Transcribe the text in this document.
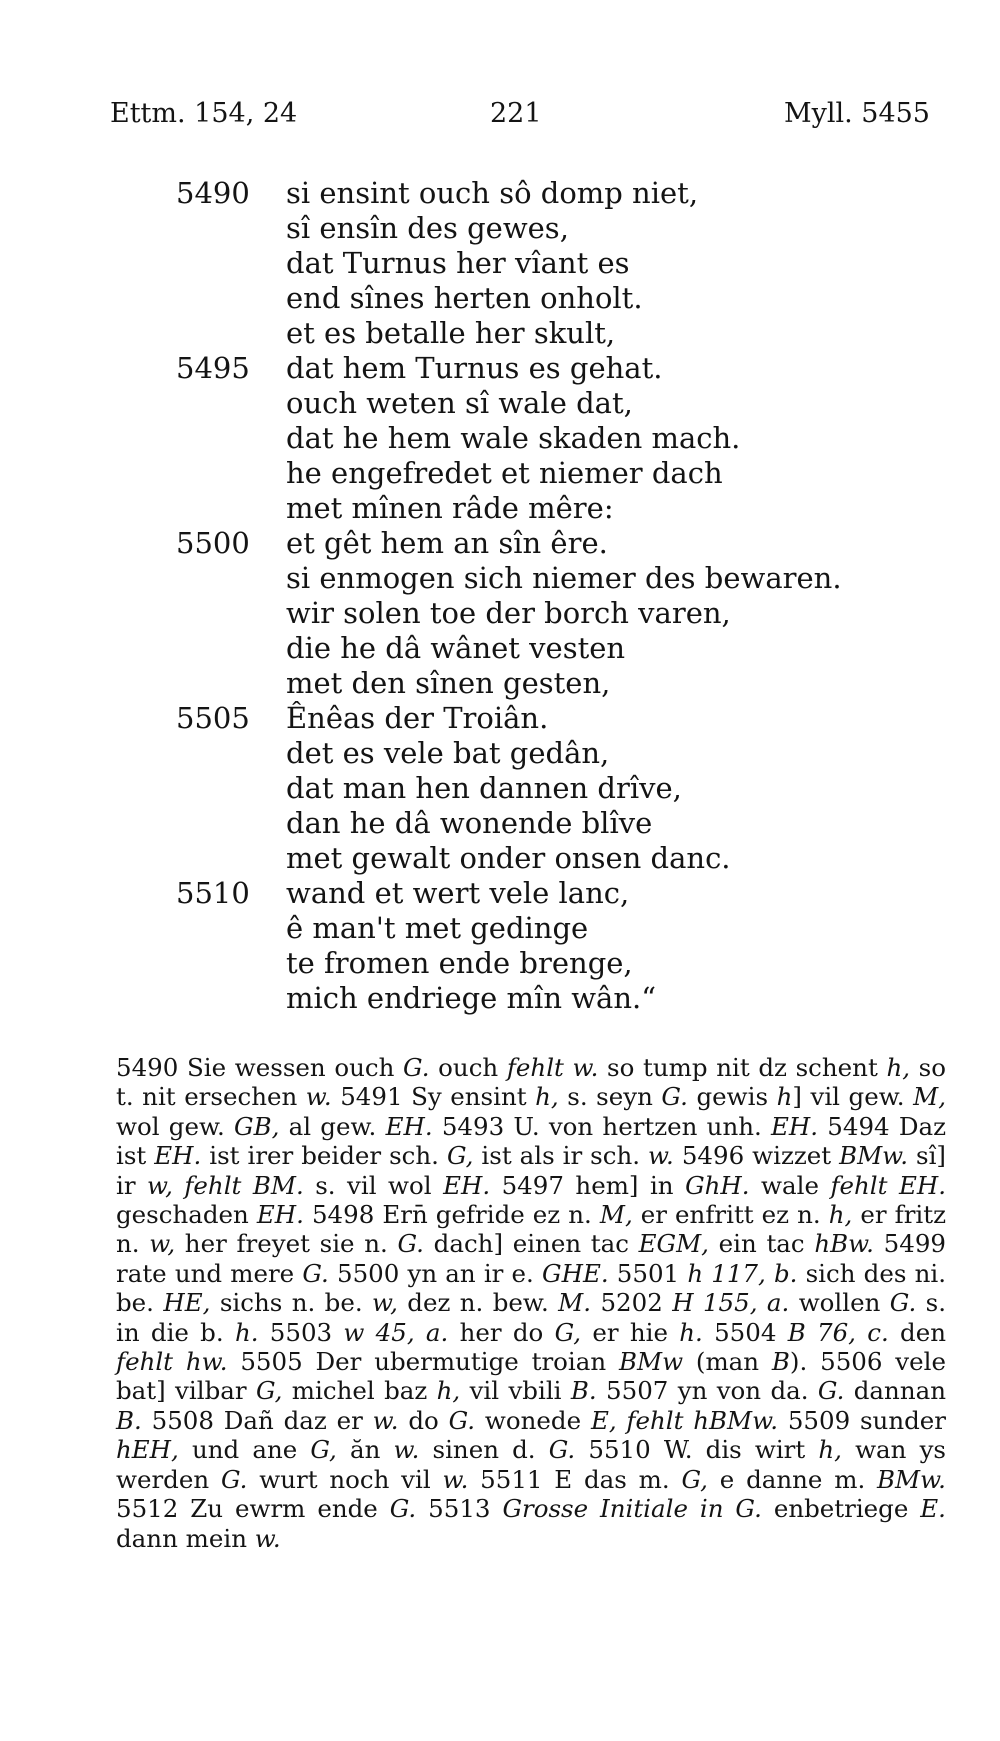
Ettm. 154, 24	221	Myll. 5455
5490	si ensint ouch sô domp niet,
sî ensîn des gewes,
dat Turnus her vîant es
end sînes herten onholt.
et es betalle her skult,
5495	dat hem Turnus es gehat.
ouch weten sî wale dat,
dat he hem wale skaden mach.
he engefredet et niemer dach
met mînen râde mêre:
5500	et gêt hem an sîn êre.
si enmogen sich niemer des bewaren.
wir solen toe der borch varen,
die he dâ wânet vesten
met den sînen gesten,
5505	Ênêas der Troiân.
det es vele bat gedân,
dat man hen dannen drîve,
dan he dâ wonende blîve
met gewalt onder onsen danc.
5510	wand et wert vele lanc,
ê man't met gedinge
te fromen ende brenge,
mich endriege mîn wân.“

5490 Sie wessen ouch G. ouch fehlt w. so tump nit dz schent h, so t. nit ersechen w. 5491 Sy ensint h, s. seyn G. gewis h] vil gew. M, wol gew. GB, al gew. EH. 5493 U. von hertzen unh. EH. 5494 Daz ist EH. ist irer beider sch. G, ist als ir sch. w. 5496 wizzet BMw. sî] ir w, fehlt BM. s. vil wol EH. 5497 hem] in GhH. wale fehlt EH. geschaden EH. 5498 Ern̄ gefride ez n. M, er enfritt ez n. h, er fritz n. w, her freyet sie n. G. dach] einen tac EGM, ein tac hBw. 5499 rate und mere G. 5500 yn an ir e. GHE. 5501 h 117, b. sich des ni. be. HE, sichs n. be. w, dez n. bew. M. 5202 H 155, a. wollen G. s. in die b. h. 5503 w 45, a. her do G, er hie h. 5504 B 76, c. den fehlt hw. 5505 Der ubermutige troian BMw (man B). 5506 vele bat] vilbar G, michel baz h, vil vbili B. 5507 yn von da. G. dannan B. 5508 Dañ daz er w. do G. wonede E, fehlt hBMw. 5509 sunder hEH, und ane G, ăn w. sinen d. G. 5510 W. dis wirt h, wan ys werden G. wurt noch vil w. 5511 E das m. G, e danne m. BMw. 5512 Zu ewrm ende G. 5513 Grosse Initiale in G. enbetriege E. dann mein w.
